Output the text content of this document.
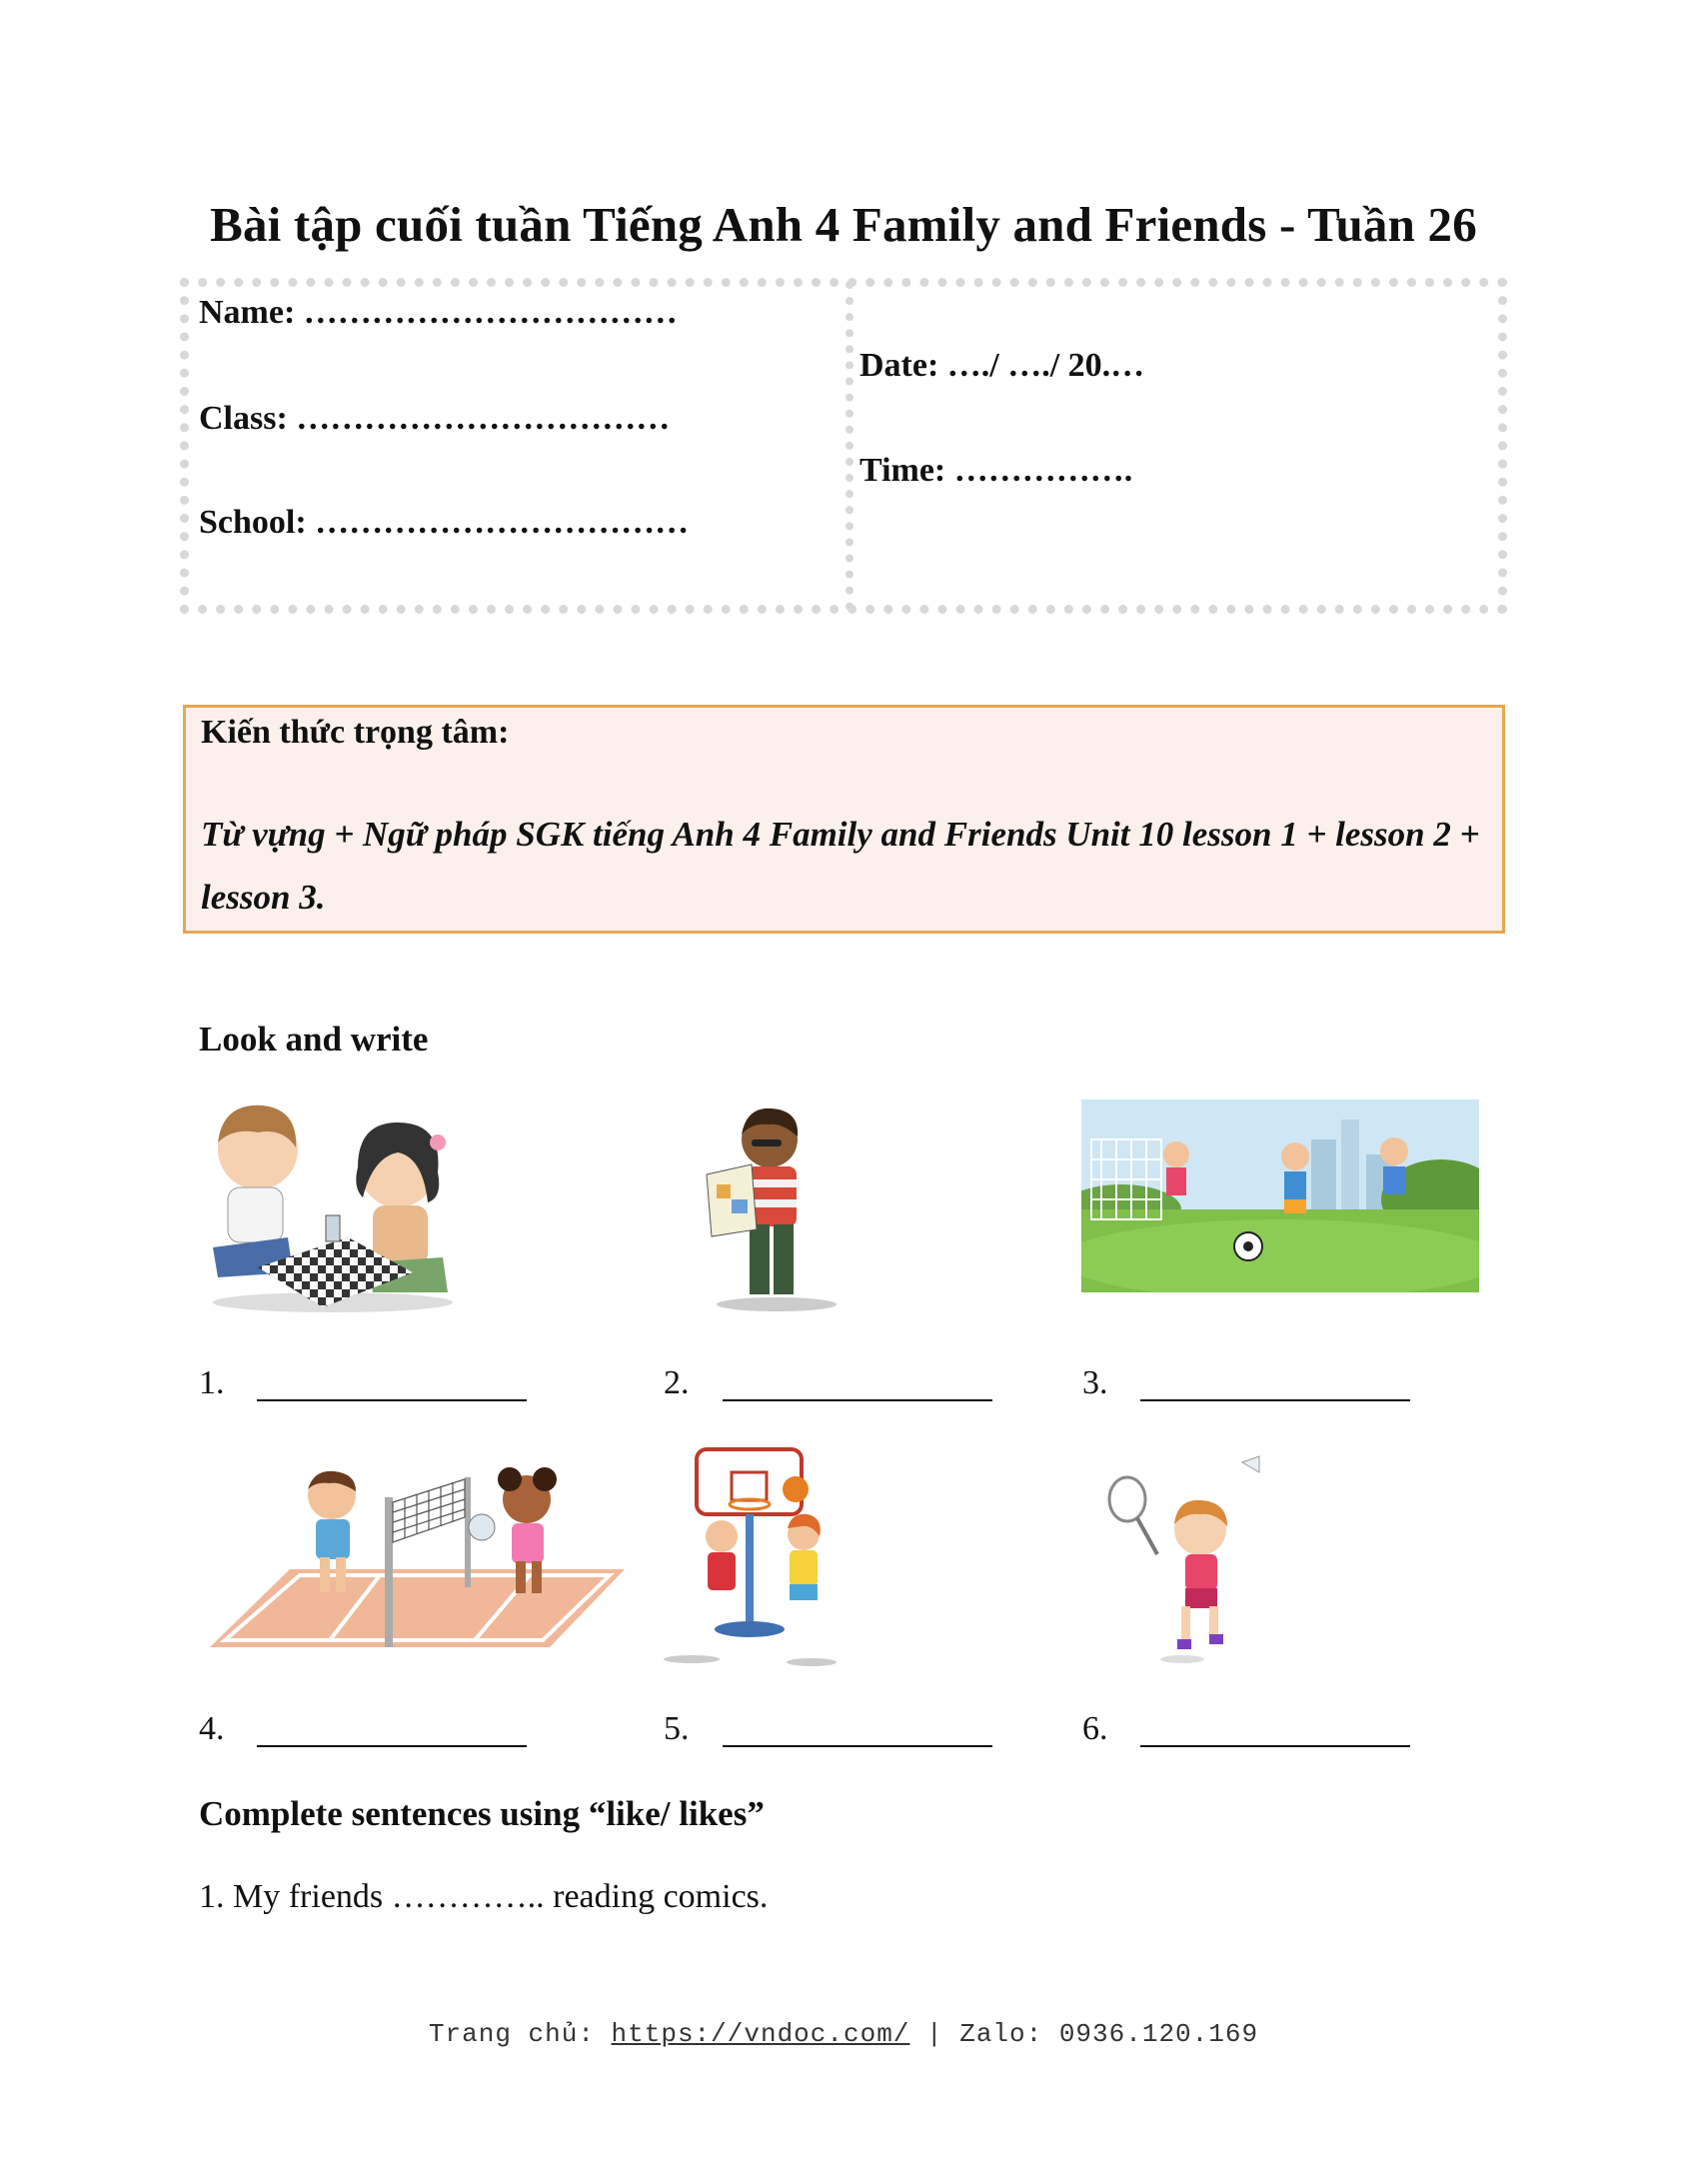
Bài tập cuối tuần Tiếng Anh 4 Family and Friends - Tuần 26
Name: ……………………………
Class: ……………………………
School: ……………………………
Date: …./ …./ 20.…
Time: …………….
Kiến thức trọng tâm:
Từ vựng + Ngữ pháp SGK tiếng Anh 4 Family and Friends Unit 10 lesson 1 + lesson 2 + lesson 3.
Look and write
1.	2.	3.
4.	5.	6.
Complete sentences using “like/ likes”
1. My friends ………….. reading comics.
Trang chủ: https://vndoc.com/ | Zalo: 0936.120.169
